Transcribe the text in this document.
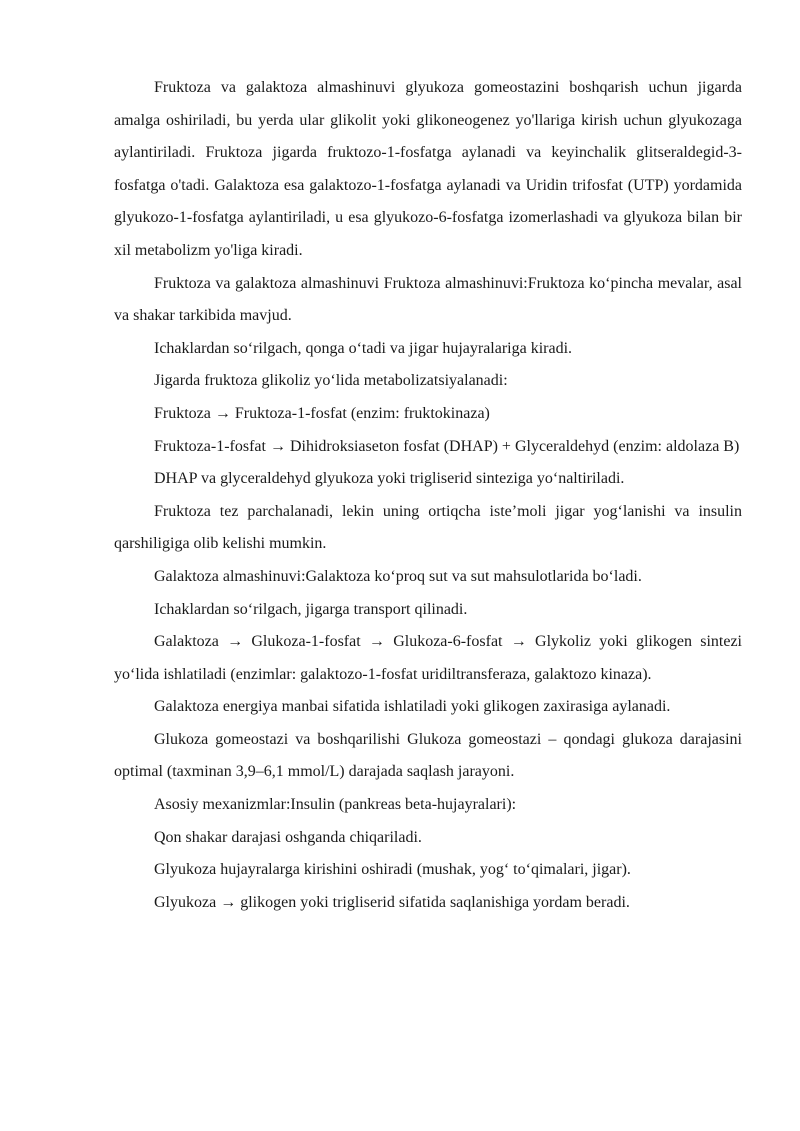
Fruktoza va galaktoza almashinuvi glyukoza gomeostazini boshqarish uchun jigarda amalga oshiriladi, bu yerda ular glikolit yoki glikoneogenez yo'llariga kirish uchun glyukozaga aylantiriladi. Fruktoza jigarda fruktozo-1-fosfatga aylanadi va keyinchalik glitseraldegid-3-fosfatga o'tadi. Galaktoza esa galaktozo-1-fosfatga aylanadi va Uridin trifosfat (UTP) yordamida glyukozo-1-fosfatga aylantiriladi, u esa glyukozo-6-fosfatga izomerlashadi va glyukoza bilan bir xil metabolizm yo'liga kiradi.

Fruktoza va galaktoza almashinuvi Fruktoza almashinuvi:Fruktoza ko‘pincha mevalar, asal va shakar tarkibida mavjud.

Ichaklardan so‘rilgach, qonga o‘tadi va jigar hujayralariga kiradi.

Jigarda fruktoza glikoliz yo‘lida metabolizatsiyalanadi:

Fruktoza → Fruktoza-1-fosfat (enzim: fruktokinaza)

Fruktoza-1-fosfat → Dihidroksiaseton fosfat (DHAP) + Glyceraldehyd (enzim: aldolaza B)

DHAP va glyceraldehyd glyukoza yoki trigliserid sinteziga yo‘naltiriladi.

Fruktoza tez parchalanadi, lekin uning ortiqcha iste’moli jigar yog‘lanishi va insulin qarshiligiga olib kelishi mumkin.

Galaktoza almashinuvi:Galaktoza ko‘proq sut va sut mahsulotlarida bo‘ladi.

Ichaklardan so‘rilgach, jigarga transport qilinadi.

Galaktoza → Glukoza-1-fosfat → Glukoza-6-fosfat → Glykoliz yoki glikogen sintezi yo‘lida ishlatiladi (enzimlar: galaktozo-1-fosfat uridiltransferaza, galaktozo kinaza).

Galaktoza energiya manbai sifatida ishlatiladi yoki glikogen zaxirasiga aylanadi.

Glukoza gomeostazi va boshqarilishi Glukoza gomeostazi – qondagi glukoza darajasini optimal (taxminan 3,9–6,1 mmol/L) darajada saqlash jarayoni.

Asosiy mexanizmlar:Insulin (pankreas beta-hujayralari):

Qon shakar darajasi oshganda chiqariladi.

Glyukoza hujayralarga kirishini oshiradi (mushak, yog‘ to‘qimalari, jigar).

Glyukoza → glikogen yoki trigliserid sifatida saqlanishiga yordam beradi.
